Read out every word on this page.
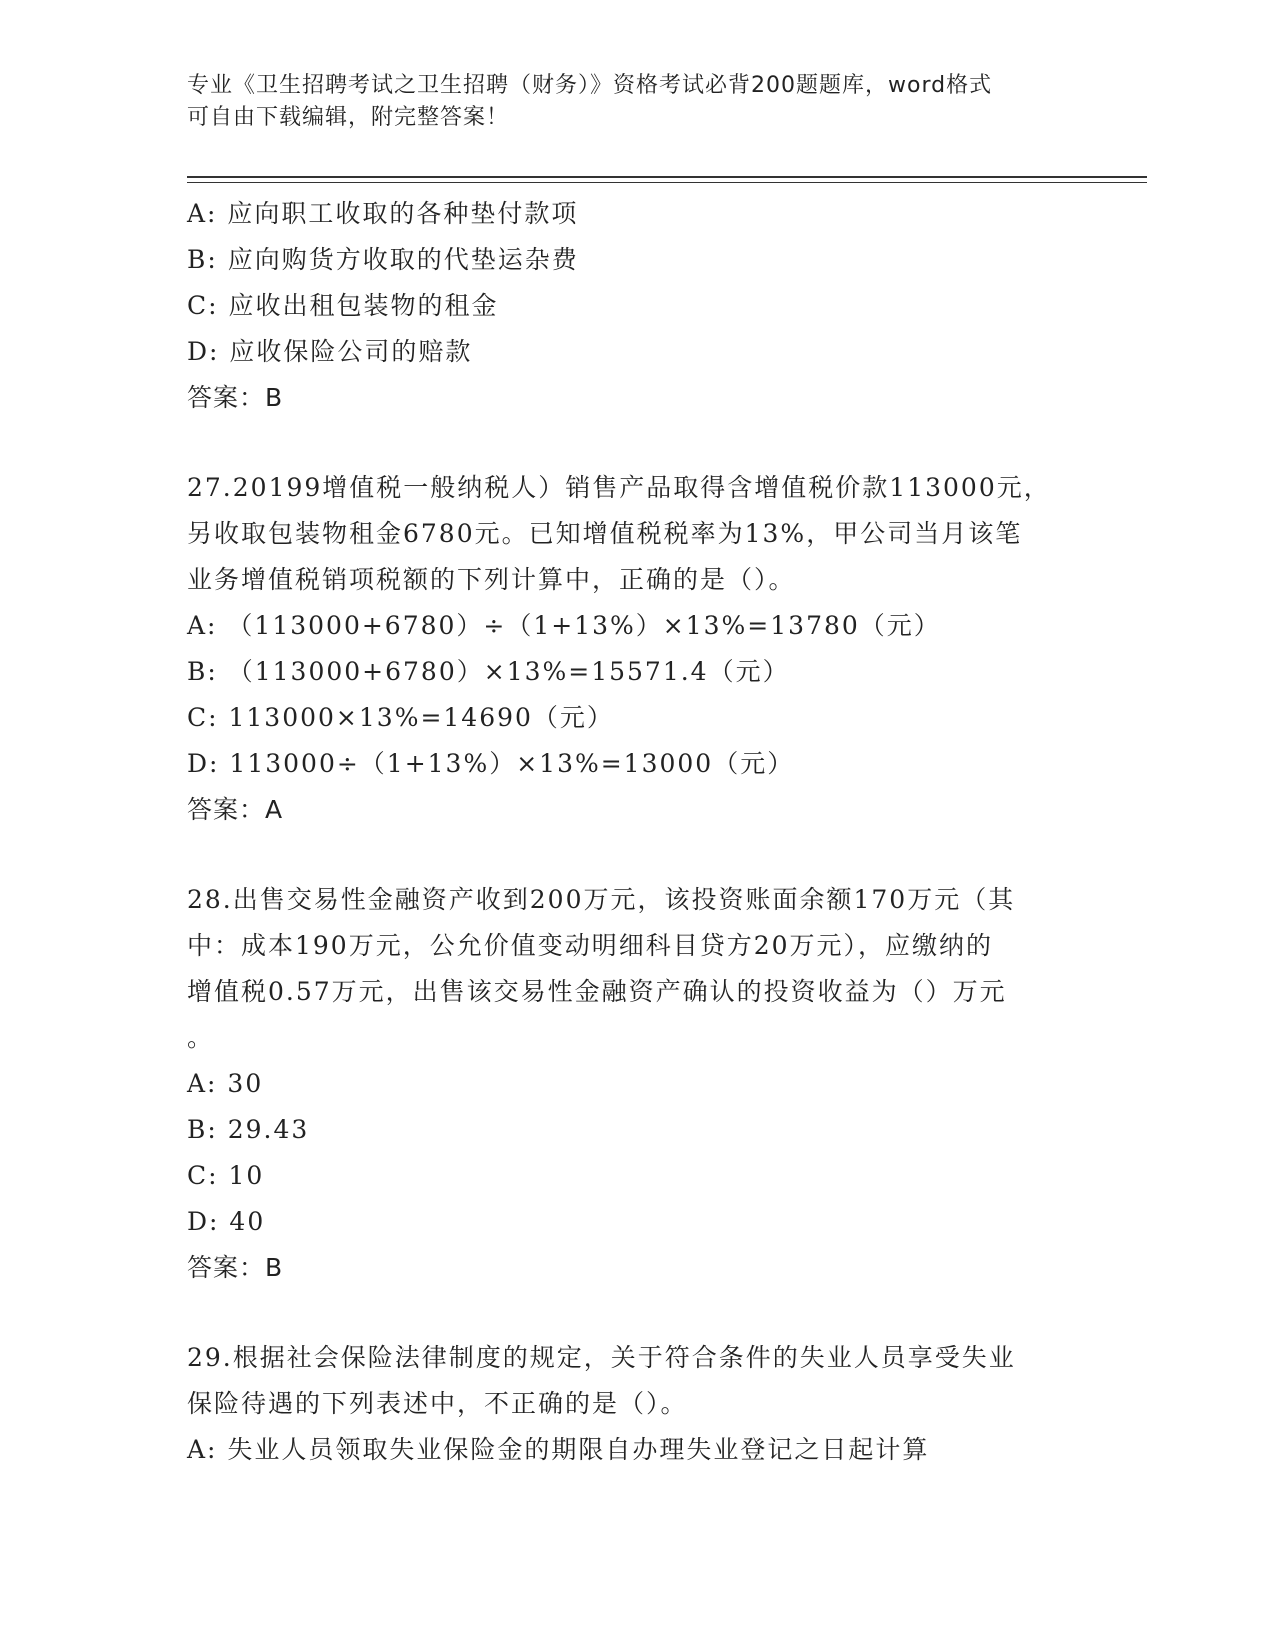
专业《卫生招聘考试之卫生招聘（财务）》资格考试必背200题题库，word格式
可自由下载编辑，附完整答案！
A: 应向职工收取的各种垫付款项
B: 应向购货方收取的代垫运杂费
C: 应收出租包装物的租金
D: 应收保险公司的赔款
答案：B
27.20199增值税一般纳税人）销售产品取得含增值税价款113000元，
另收取包装物租金6780元。已知增值税税率为13%，甲公司当月该笔
业务增值税销项税额的下列计算中，正确的是（）。
A: （113000+6780）÷（1+13%）×13%=13780（元）
B: （113000+6780）×13%=15571.4（元）
C: 113000×13%=14690（元）
D: 113000÷（1+13%）×13%=13000（元）
答案：A
28.出售交易性金融资产收到200万元，该投资账面余额170万元（其
中：成本190万元，公允价值变动明细科目贷方20万元），应缴纳的
增值税0.57万元，出售该交易性金融资产确认的投资收益为（）万元
。
A: 30
B: 29.43
C: 10
D: 40
答案：B
29.根据社会保险法律制度的规定，关于符合条件的失业人员享受失业
保险待遇的下列表述中，不正确的是（）。
A: 失业人员领取失业保险金的期限自办理失业登记之日起计算
